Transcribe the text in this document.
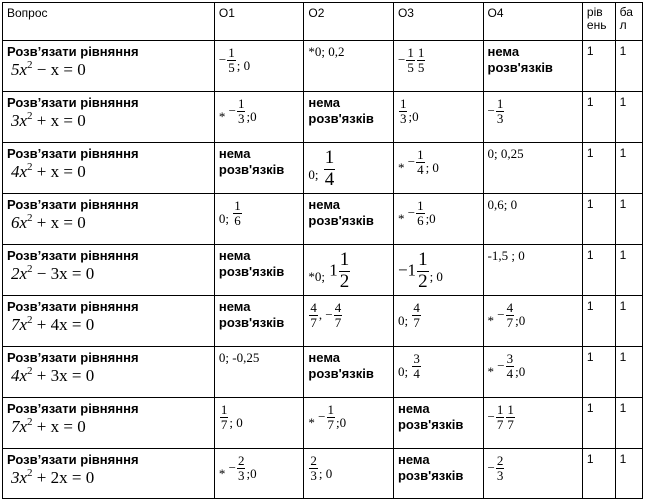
Вопрос	О1	О2	О3	О4	рів
ень	ба
л

Розв’язати рівняння
$5x^2 - x = 0$	− $\frac{1}{5}$ ; 0	*0; 0,2	− $\frac{1}{5} \frac{1}{5}$	нема
розв'язків	1	1

Розв’язати рівняння
$3x^2 + x = 0$	* − $\frac{1}{3}$ ;0	нема
розв'язків	$\frac{1}{3}$ ;0	− $\frac{1}{3}$	1	1

Розв’язати рівняння
$4x^2 + x = 0$	нема
розв'язків	$_{0;} \frac{1}{4}$	* − $\frac{1}{4}$ ; 0	0; 0,25	1	1

Розв’язати рівняння
$6x^2 + x = 0$	0; $\frac{1}{6}$	нема
розв'язків	* − $\frac{1}{6}$ ;0	0,6; 0	1	1

Розв’язати рівняння
$2x^2 - 3x = 0$	нема
розв'язків	$_{*0;}$ $1 \frac{1}{2}$	$-1 \frac{1}{2} _{; 0}$	-1,5 ; 0	1	1

Розв’язати рівняння
$7x^2 + 4x = 0$	нема
розв'язків	$\frac{4}{7}$ , − $\frac{4}{7}$	0; $\frac{4}{7}$	* − $\frac{4}{7}$ ;0	1	1

Розв’язати рівняння
$4x^2 + 3x = 0$	0; -0,25	нема
розв'язків	0; $\frac{3}{4}$	* − $\frac{3}{4}$ ;0	1	1

Розв’язати рівняння
$7x^2 + x = 0$	$\frac{1}{7}$ ; 0	* − $\frac{1}{7}$ ;0	нема
розв'язків	− $\frac{1}{7} \frac{1}{7}$	1	1

Розв’язати рівняння
$3x^2 + 2x = 0$	* − $\frac{2}{3}$ ;0	$\frac{2}{3}$ ; 0	нема
розв'язків	− $\frac{2}{3}$	1	1
